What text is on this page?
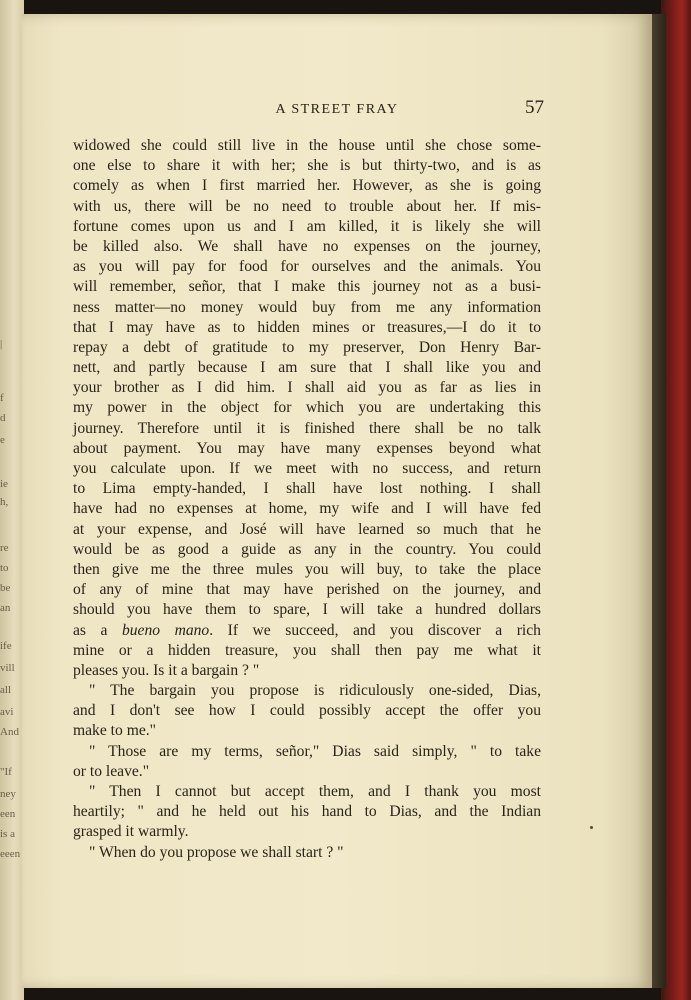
|
f
d
e
ie
h,
re
to
be
an
ife
vill
all
avi
And
"If
ney
een
is a
eeen
A STREET FRAY	57
widowed she could still live in the house until she chose some-
one else to share it with her; she is but thirty-two, and is as
comely as when I first married her. However, as she is going
with us, there will be no need to trouble about her. If mis-
fortune comes upon us and I am killed, it is likely she will
be killed also. We shall have no expenses on the journey,
as you will pay for food for ourselves and the animals. You
will remember, señor, that I make this journey not as a busi-
ness matter—no money would buy from me any information
that I may have as to hidden mines or treasures,—I do it to
repay a debt of gratitude to my preserver, Don Henry Bar-
nett, and partly because I am sure that I shall like you and
your brother as I did him. I shall aid you as far as lies in
my power in the object for which you are undertaking this
journey. Therefore until it is finished there shall be no talk
about payment. You may have many expenses beyond what
you calculate upon. If we meet with no success, and return
to Lima empty-handed, I shall have lost nothing. I shall
have had no expenses at home, my wife and I will have fed
at your expense, and José will have learned so much that he
would be as good a guide as any in the country. You could
then give me the three mules you will buy, to take the place
of any of mine that may have perished on the journey, and
should you have them to spare, I will take a hundred dollars
as a bueno mano. If we succeed, and you discover a rich
mine or a hidden treasure, you shall then pay me what it
pleases you. Is it a bargain ? "
" The bargain you propose is ridiculously one-sided, Dias,
and I don't see how I could possibly accept the offer you
make to me."
" Those are my terms, señor," Dias said simply, " to take
or to leave."
" Then I cannot but accept them, and I thank you most
heartily; " and he held out his hand to Dias, and the Indian
grasped it warmly.
" When do you propose we shall start ? "
